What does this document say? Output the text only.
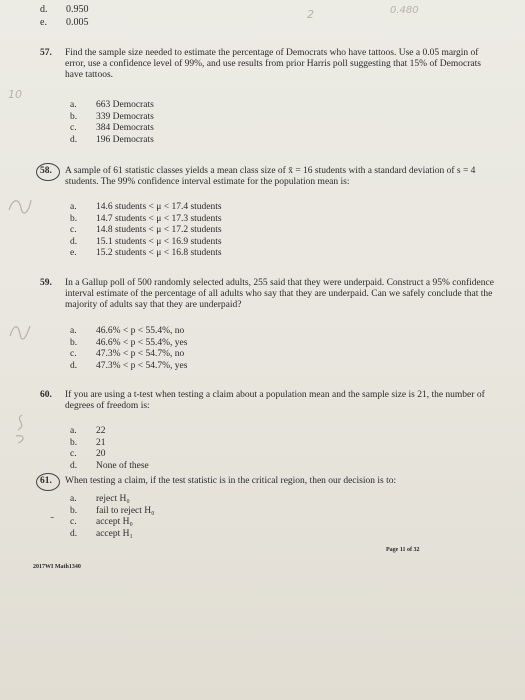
2	0.480
10
-
d.	0.950
e.	0.005
57. Find the sample size needed to estimate the percentage of Democrats who have tattoos. Use a 0.05 margin of error, use a confidence level of 99%, and use results from prior Harris poll suggesting that 15% of Democrats have tattoos.
a.	663 Democrats
b.	339 Democrats
c.	384 Democrats
d.	196 Democrats
58. A sample of 61 statistic classes yields a mean class size of x̄ = 16 students with a standard deviation of s = 4 students. The 99% confidence interval estimate for the population mean is:
a.	14.6 students < μ < 17.4 students
b.	14.7 students < μ < 17.3 students
c.	14.8 students < μ < 17.2 students
d.	15.1 students < μ < 16.9 students
e.	15.2 students < μ < 16.8 students
59. In a Gallup poll of 500 randomly selected adults, 255 said that they were underpaid. Construct a 95% confidence interval estimate of the percentage of all adults who say that they are underpaid. Can we safely conclude that the majority of adults say that they are underpaid?
a.	46.6% < p < 55.4%, no
b.	46.6% < p < 55.4%, yes
c.	47.3% < p < 54.7%, no
d.	47.3% < p < 54.7%, yes
60. If you are using a t-test when testing a claim about a population mean and the sample size is 21, the number of degrees of freedom is:
a.	22
b.	21
c.	20
d.	None of these
61. When testing a claim, if the test statistic is in the critical region, then our decision is to:
a.	reject H₀
b.	fail to reject H₀
c.	accept H₀
d.	accept H₁
Page 11 of 32
2017WI Math1340
